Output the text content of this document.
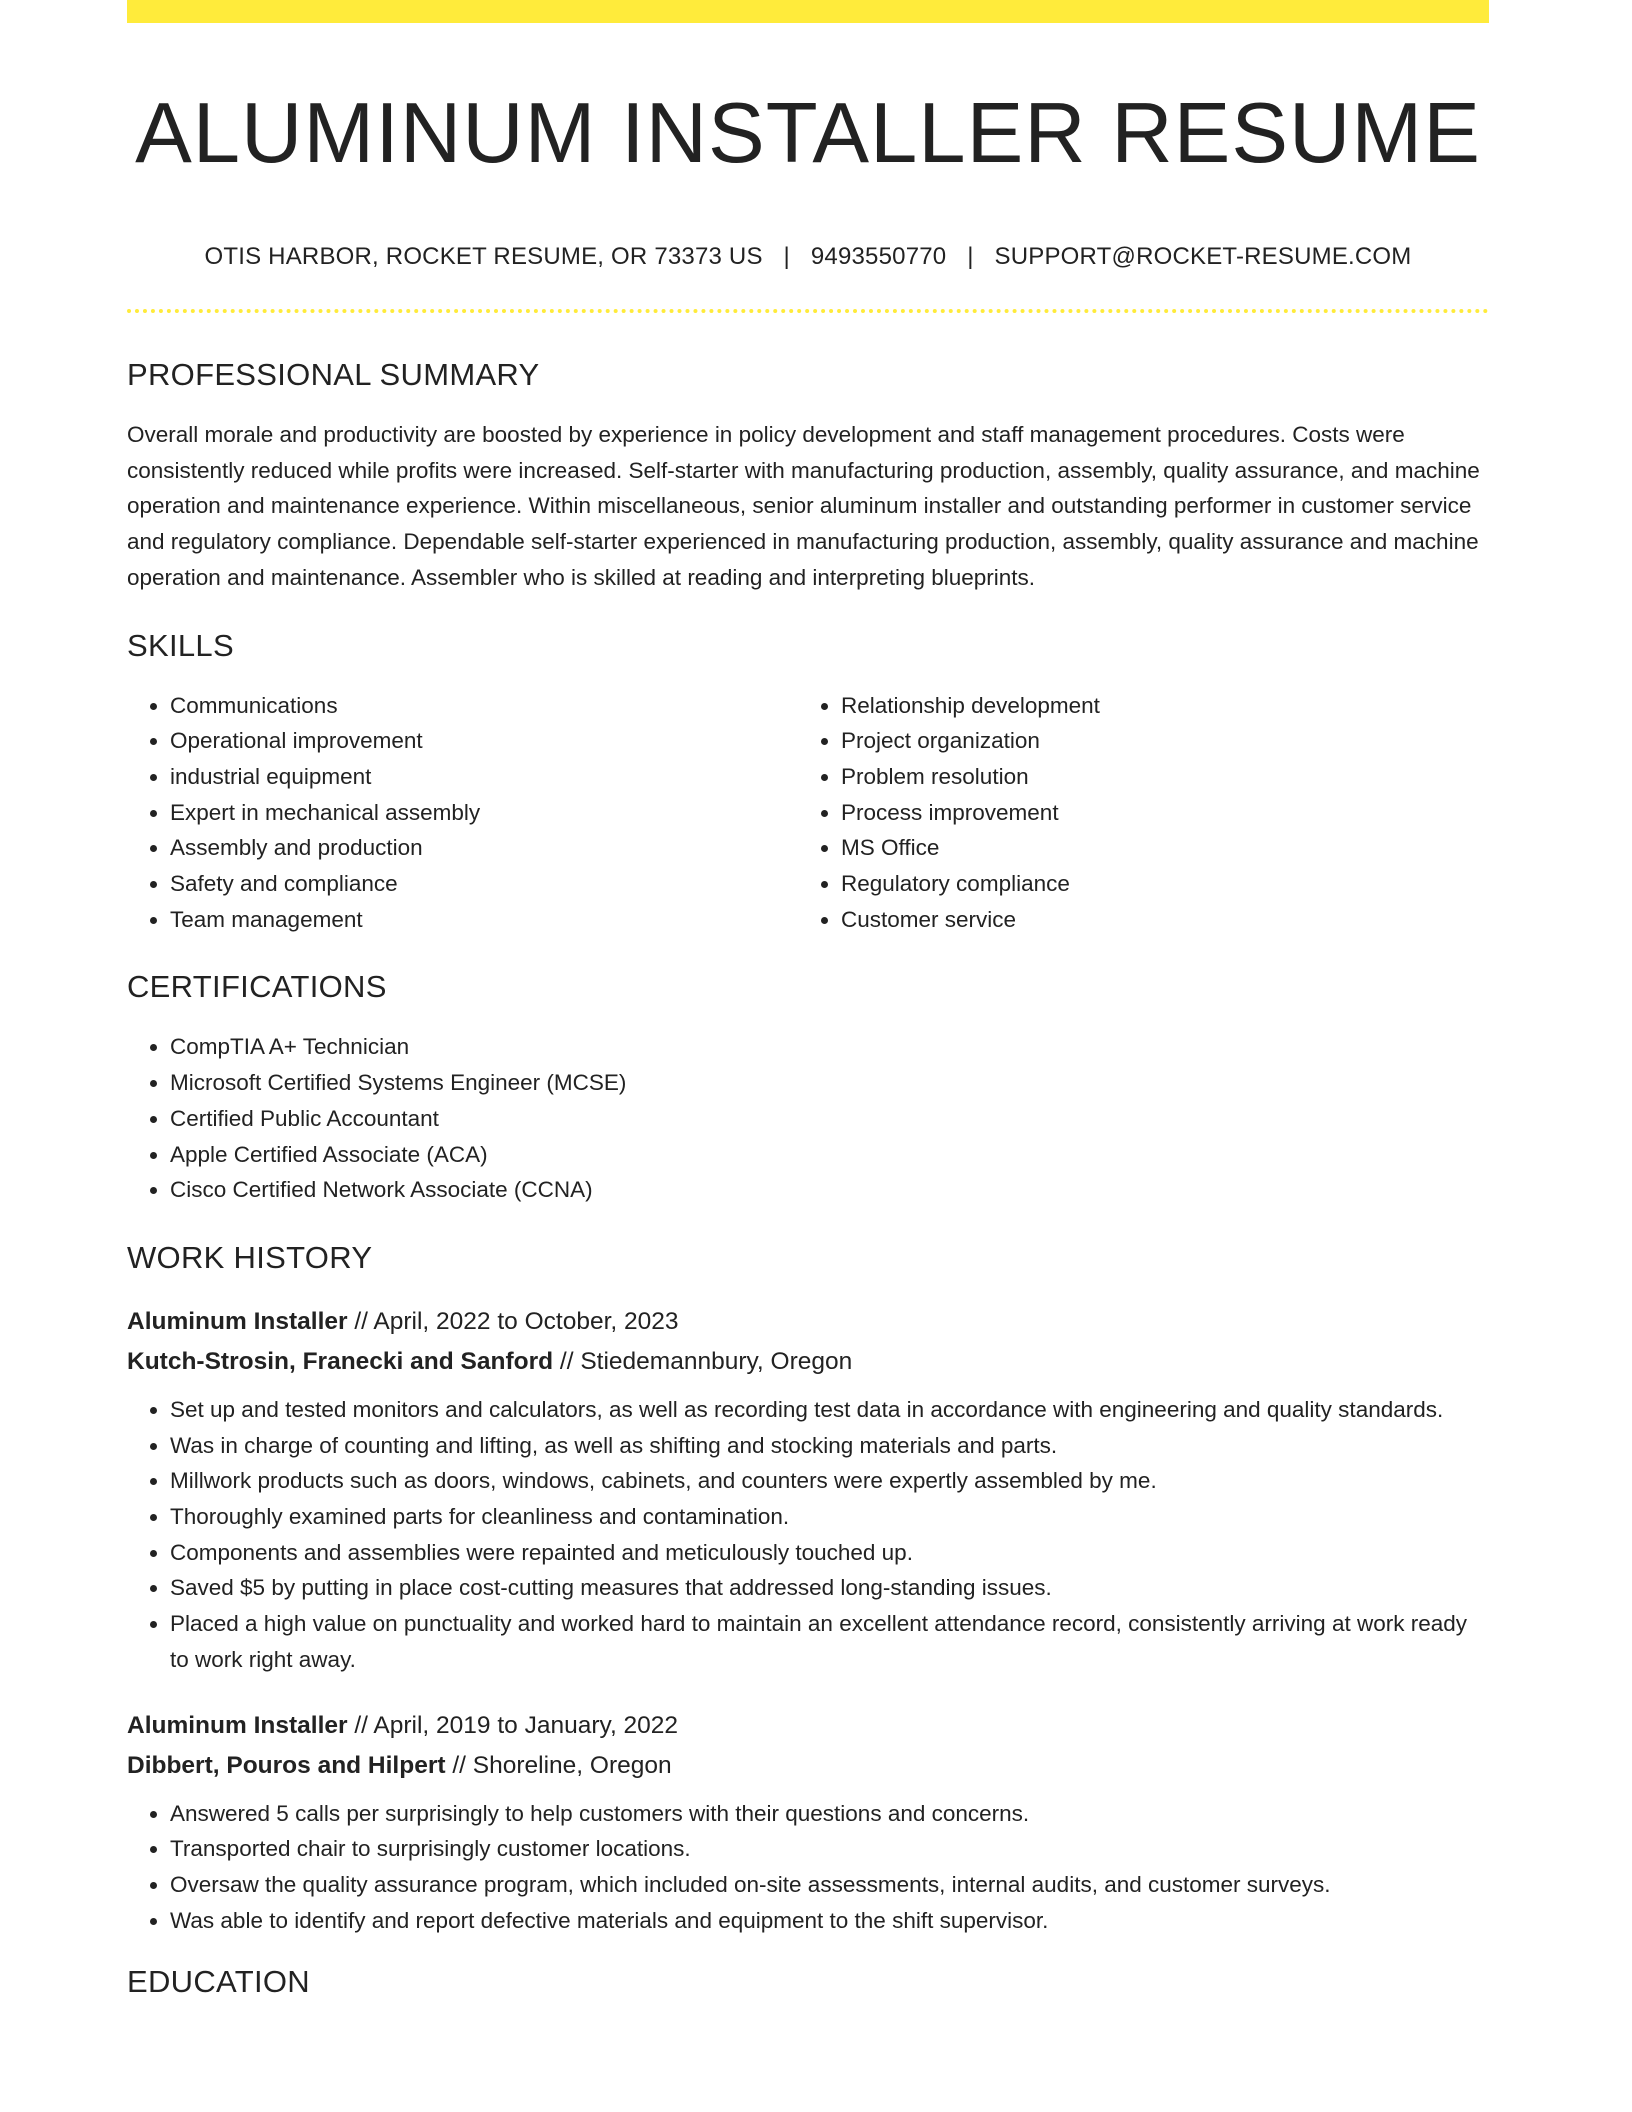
ALUMINUM INSTALLER RESUME
OTIS HARBOR, ROCKET RESUME, OR 73373 US | 9493550770 | SUPPORT@ROCKET-RESUME.COM
PROFESSIONAL SUMMARY
Overall morale and productivity are boosted by experience in policy development and staff management procedures. Costs were consistently reduced while profits were increased. Self-starter with manufacturing production, assembly, quality assurance, and machine operation and maintenance experience. Within miscellaneous, senior aluminum installer and outstanding performer in customer service and regulatory compliance. Dependable self-starter experienced in manufacturing production, assembly, quality assurance and machine operation and maintenance. Assembler who is skilled at reading and interpreting blueprints.
SKILLS
• Communications
• Operational improvement
• industrial equipment
• Expert in mechanical assembly
• Assembly and production
• Safety and compliance
• Team management
• Relationship development
• Project organization
• Problem resolution
• Process improvement
• MS Office
• Regulatory compliance
• Customer service
CERTIFICATIONS
• CompTIA A+ Technician
• Microsoft Certified Systems Engineer (MCSE)
• Certified Public Accountant
• Apple Certified Associate (ACA)
• Cisco Certified Network Associate (CCNA)
WORK HISTORY
Aluminum Installer // April, 2022 to October, 2023
Kutch-Strosin, Franecki and Sanford // Stiedemannbury, Oregon
• Set up and tested monitors and calculators, as well as recording test data in accordance with engineering and quality standards.
• Was in charge of counting and lifting, as well as shifting and stocking materials and parts.
• Millwork products such as doors, windows, cabinets, and counters were expertly assembled by me.
• Thoroughly examined parts for cleanliness and contamination.
• Components and assemblies were repainted and meticulously touched up.
• Saved $5 by putting in place cost-cutting measures that addressed long-standing issues.
• Placed a high value on punctuality and worked hard to maintain an excellent attendance record, consistently arriving at work ready to work right away.
Aluminum Installer // April, 2019 to January, 2022
Dibbert, Pouros and Hilpert // Shoreline, Oregon
• Answered 5 calls per surprisingly to help customers with their questions and concerns.
• Transported chair to surprisingly customer locations.
• Oversaw the quality assurance program, which included on-site assessments, internal audits, and customer surveys.
• Was able to identify and report defective materials and equipment to the shift supervisor.
EDUCATION
